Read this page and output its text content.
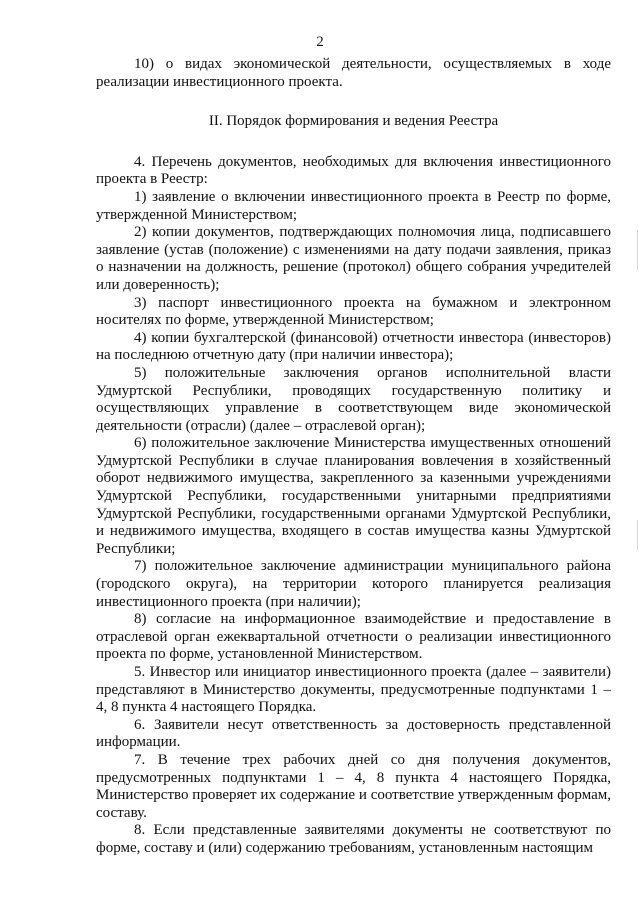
2

10) о видах экономической деятельности, осуществляемых в ходе реализации инвестиционного проекта.

II. Порядок формирования и ведения Реестра

4. Перечень документов, необходимых для включения инвестиционного проекта в Реестр:

1) заявление о включении инвестиционного проекта в Реестр по форме, утвержденной Министерством;

2) копии документов, подтверждающих полномочия лица, подписавшего заявление (устав (положение) с изменениями на дату подачи заявления, приказ о назначении на должность, решение (протокол) общего собрания учредителей или доверенность);

3) паспорт инвестиционного проекта на бумажном и электронном носителях по форме, утвержденной Министерством;

4) копии бухгалтерской (финансовой) отчетности инвестора (инвесторов) на последнюю отчетную дату (при наличии инвестора);

5) положительные заключения органов исполнительной власти Удмуртской Республики, проводящих государственную политику и осуществляющих управление в соответствующем виде экономической деятельности (отрасли) (далее – отраслевой орган);

6) положительное заключение Министерства имущественных отношений Удмуртской Республики в случае планирования вовлечения в хозяйственный оборот недвижимого имущества, закрепленного за казенными учреждениями Удмуртской Республики, государственными унитарными предприятиями Удмуртской Республики, государственными органами Удмуртской Республики, и недвижимого имущества, входящего в состав имущества казны Удмуртской Республики;

7) положительное заключение администрации муниципального района (городского округа), на территории которого планируется реализация инвестиционного проекта (при наличии);

8) согласие на информационное взаимодействие и предоставление в отраслевой орган ежеквартальной отчетности о реализации инвестиционного проекта по форме, установленной Министерством.

5. Инвестор или инициатор инвестиционного проекта (далее – заявители) представляют в Министерство документы, предусмотренные подпунктами 1 – 4, 8 пункта 4 настоящего Порядка.

6. Заявители несут ответственность за достоверность представленной информации.

7. В течение трех рабочих дней со дня получения документов, предусмотренных подпунктами 1 – 4, 8 пункта 4 настоящего Порядка, Министерство проверяет их содержание и соответствие утвержденным формам, составу.

8. Если представленные заявителями документы не соответствуют по форме, составу и (или) содержанию требованиям, установленным настоящим
